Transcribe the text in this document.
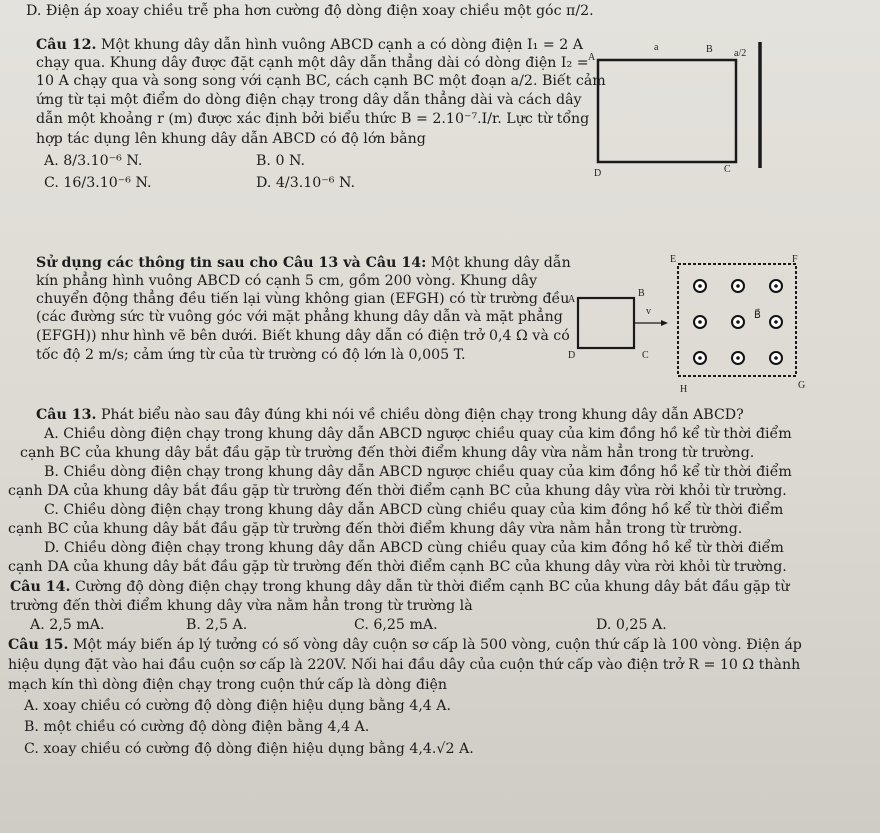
D. Điện áp xoay chiều trễ pha hơn cường độ dòng điện xoay chiều một góc π/2.
Câu 12. Một khung dây dẫn hình vuông ABCD cạnh a có dòng điện I₁ = 2 A
chạy qua. Khung dây được đặt cạnh một dây dẫn thẳng dài có dòng điện I₂ =
10 A chạy qua và song song với cạnh BC, cách cạnh BC một đoạn a/2. Biết cảm
ứng từ tại một điểm do dòng điện chạy trong dây dẫn thẳng dài và cách dây
dẫn một khoảng r (m) được xác định bởi biểu thức B = 2.10⁻⁷.I/r. Lực từ tổng
hợp tác dụng lên khung dây dẫn ABCD có độ lớn bằng
A. 8/3.10⁻⁶ N.	B. 0 N.
C. 16/3.10⁻⁶ N.	D. 4/3.10⁻⁶ N.
A
B
C
D
a
a/2
Sử dụng các thông tin sau cho Câu 13 và Câu 14: Một khung dây dẫn
kín phẳng hình vuông ABCD có cạnh 5 cm, gồm 200 vòng. Khung dây
chuyển động thẳng đều tiến lại vùng không gian (EFGH) có từ trường đều
(các đường sức từ vuông góc với mặt phẳng khung dây dẫn và mặt phẳng
(EFGH)) như hình vẽ bên dưới. Biết khung dây dẫn có điện trở 0,4 Ω và có
tốc độ 2 m/s; cảm ứng từ của từ trường có độ lớn là 0,005 T.
E	F
G
H
A
B
C
D
v	B⃗
Câu 13. Phát biểu nào sau đây đúng khi nói về chiều dòng điện chạy trong khung dây dẫn ABCD?
A. Chiều dòng điện chạy trong khung dây dẫn ABCD ngược chiều quay của kim đồng hồ kể từ thời điểm
cạnh BC của khung dây bắt đầu gặp từ trường đến thời điểm khung dây vừa nằm hẳn trong từ trường.
B. Chiều dòng điện chạy trong khung dây dẫn ABCD ngược chiều quay của kim đồng hồ kể từ thời điểm
cạnh DA của khung dây bắt đầu gặp từ trường đến thời điểm cạnh BC của khung dây vừa rời khỏi từ trường.
C. Chiều dòng điện chạy trong khung dây dẫn ABCD cùng chiều quay của kim đồng hồ kể từ thời điểm
cạnh BC của khung dây bắt đầu gặp từ trường đến thời điểm khung dây vừa nằm hẳn trong từ trường.
D. Chiều dòng điện chạy trong khung dây dẫn ABCD cùng chiều quay của kim đồng hồ kể từ thời điểm
cạnh DA của khung dây bắt đầu gặp từ trường đến thời điểm cạnh BC của khung dây vừa rời khỏi từ trường.
Câu 14. Cường độ dòng điện chạy trong khung dây dẫn từ thời điểm cạnh BC của khung dây bắt đầu gặp từ
trường đến thời điểm khung dây vừa nằm hẳn trong từ trường là
A. 2,5 mA.	B. 2,5 A.	C. 6,25 mA.	D. 0,25 A.
Câu 15. Một máy biến áp lý tưởng có số vòng dây cuộn sơ cấp là 500 vòng, cuộn thứ cấp là 100 vòng. Điện áp
hiệu dụng đặt vào hai đầu cuộn sơ cấp là 220V. Nối hai đầu dây của cuộn thứ cấp vào điện trở R = 10 Ω thành
mạch kín thì dòng điện chạy trong cuộn thứ cấp là dòng điện
A. xoay chiều có cường độ dòng điện hiệu dụng bằng 4,4 A.
B. một chiều có cường độ dòng điện bằng 4,4 A.
C. xoay chiều có cường độ dòng điện hiệu dụng bằng 4,4.√2 A.
